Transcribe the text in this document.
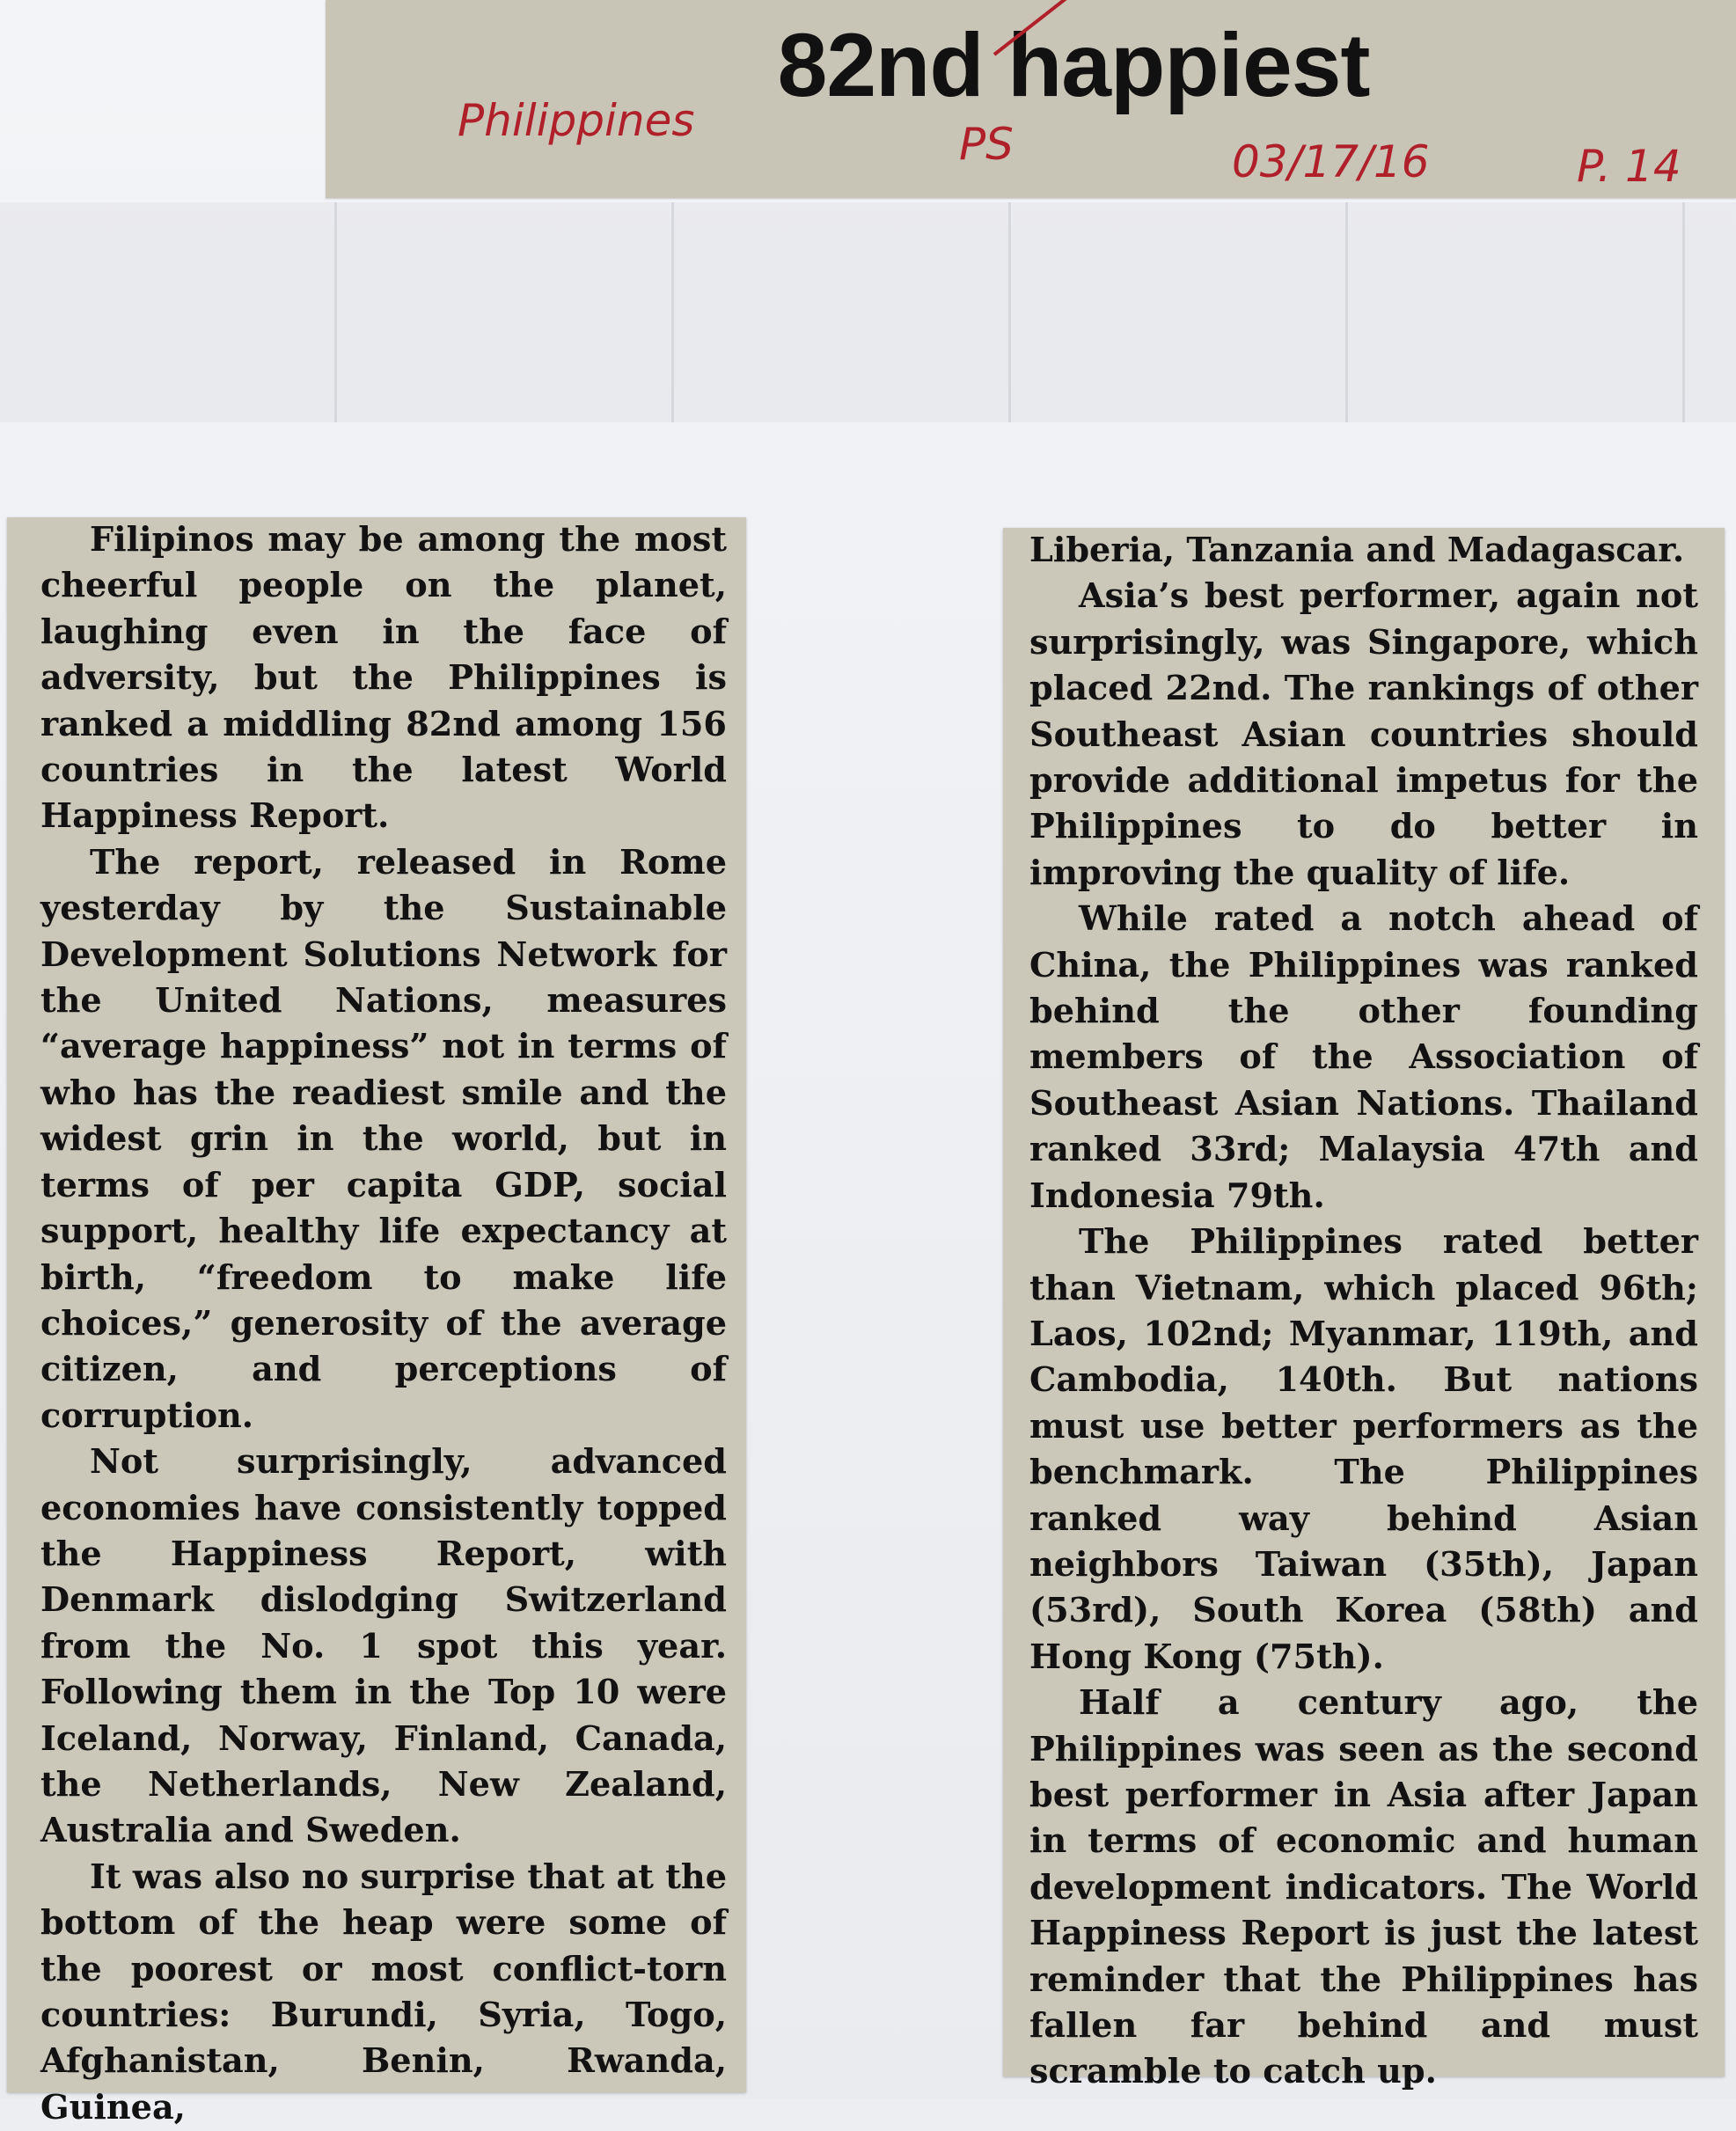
82nd happiest
Philippines	PS	03/17/16	P. 14

Filipinos may be among the most cheerful people on the planet, laughing even in the face of adversity, but the Philippines is ranked a middling 82nd among 156 countries in the latest World Happiness Report.

The report, released in Rome yesterday by the Sustainable Development Solutions Network for the United Nations, measures “average happiness” not in terms of who has the readiest smile and the widest grin in the world, but in terms of per capita GDP, social support, healthy life expectancy at birth, “freedom to make life choices,” generosity of the average citizen, and perceptions of corruption.

Not surprisingly, advanced economies have consistently topped the Happiness Report, with Denmark dislodging Switzerland from the No. 1 spot this year. Following them in the Top 10 were Iceland, Norway, Finland, Canada, the Netherlands, New Zealand, Australia and Sweden.

It was also no surprise that at the bottom of the heap were some of the poorest or most conflict-torn countries: Burundi, Syria, Togo, Afghanistan, Benin, Rwanda, Guinea,

Liberia, Tanzania and Madagascar.

Asia’s best performer, again not surprisingly, was Singapore, which placed 22nd. The rankings of other Southeast Asian countries should provide additional impetus for the Philippines to do better in improving the quality of life.

While rated a notch ahead of China, the Philippines was ranked behind the other founding members of the Association of Southeast Asian Nations. Thailand ranked 33rd; Malaysia 47th and Indonesia 79th.

The Philippines rated better than Vietnam, which placed 96th; Laos, 102nd; Myanmar, 119th, and Cambodia, 140th. But nations must use better performers as the benchmark. The Philippines ranked way behind Asian neighbors Taiwan (35th), Japan (53rd), South Korea (58th) and Hong Kong (75th).

Half a century ago, the Philippines was seen as the second best performer in Asia after Japan in terms of economic and human development indicators. The World Happiness Report is just the latest reminder that the Philippines has fallen far behind and must scramble to catch up.
